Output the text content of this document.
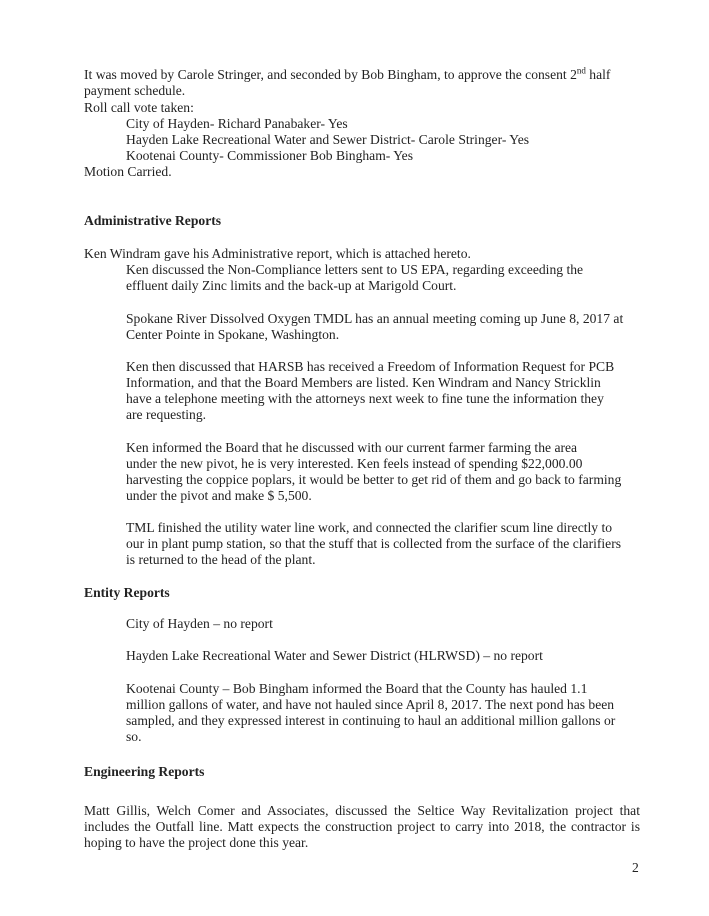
It was moved by Carole Stringer, and seconded by Bob Bingham, to approve the consent 2nd half
payment schedule.
Roll call vote taken:
City of Hayden- Richard Panabaker- Yes
Hayden Lake Recreational Water and Sewer District- Carole Stringer- Yes
Kootenai County- Commissioner Bob Bingham- Yes
Motion Carried.
Administrative Reports
Ken Windram gave his Administrative report, which is attached hereto.
Ken discussed the Non-Compliance letters sent to US EPA, regarding exceeding the
effluent daily Zinc limits and the back-up at Marigold Court.
Spokane River Dissolved Oxygen TMDL has an annual meeting coming up June 8, 2017 at
Center Pointe in Spokane, Washington.
Ken then discussed that HARSB has received a Freedom of Information Request for PCB
Information, and that the Board Members are listed. Ken Windram and Nancy Stricklin
have a telephone meeting with the attorneys next week to fine tune the information they
are requesting.
Ken informed the Board that he discussed with our current farmer farming the area
under the new pivot, he is very interested. Ken feels instead of spending $22,000.00
harvesting the coppice poplars, it would be better to get rid of them and go back to farming
under the pivot and make $ 5,500.
TML finished the utility water line work, and connected the clarifier scum line directly to
our in plant pump station, so that the stuff that is collected from the surface of the clarifiers
is returned to the head of the plant.
Entity Reports
City of Hayden – no report
Hayden Lake Recreational Water and Sewer District (HLRWSD) – no report
Kootenai County – Bob Bingham informed the Board that the County has hauled 1.1
million gallons of water, and have not hauled since April 8, 2017. The next pond has been
sampled, and they expressed interest in continuing to haul an additional million gallons or
so.
Engineering Reports
Matt Gillis, Welch Comer and Associates, discussed the Seltice Way Revitalization project that
includes the Outfall line. Matt expects the construction project to carry into 2018, the contractor is
hoping to have the project done this year.
2
